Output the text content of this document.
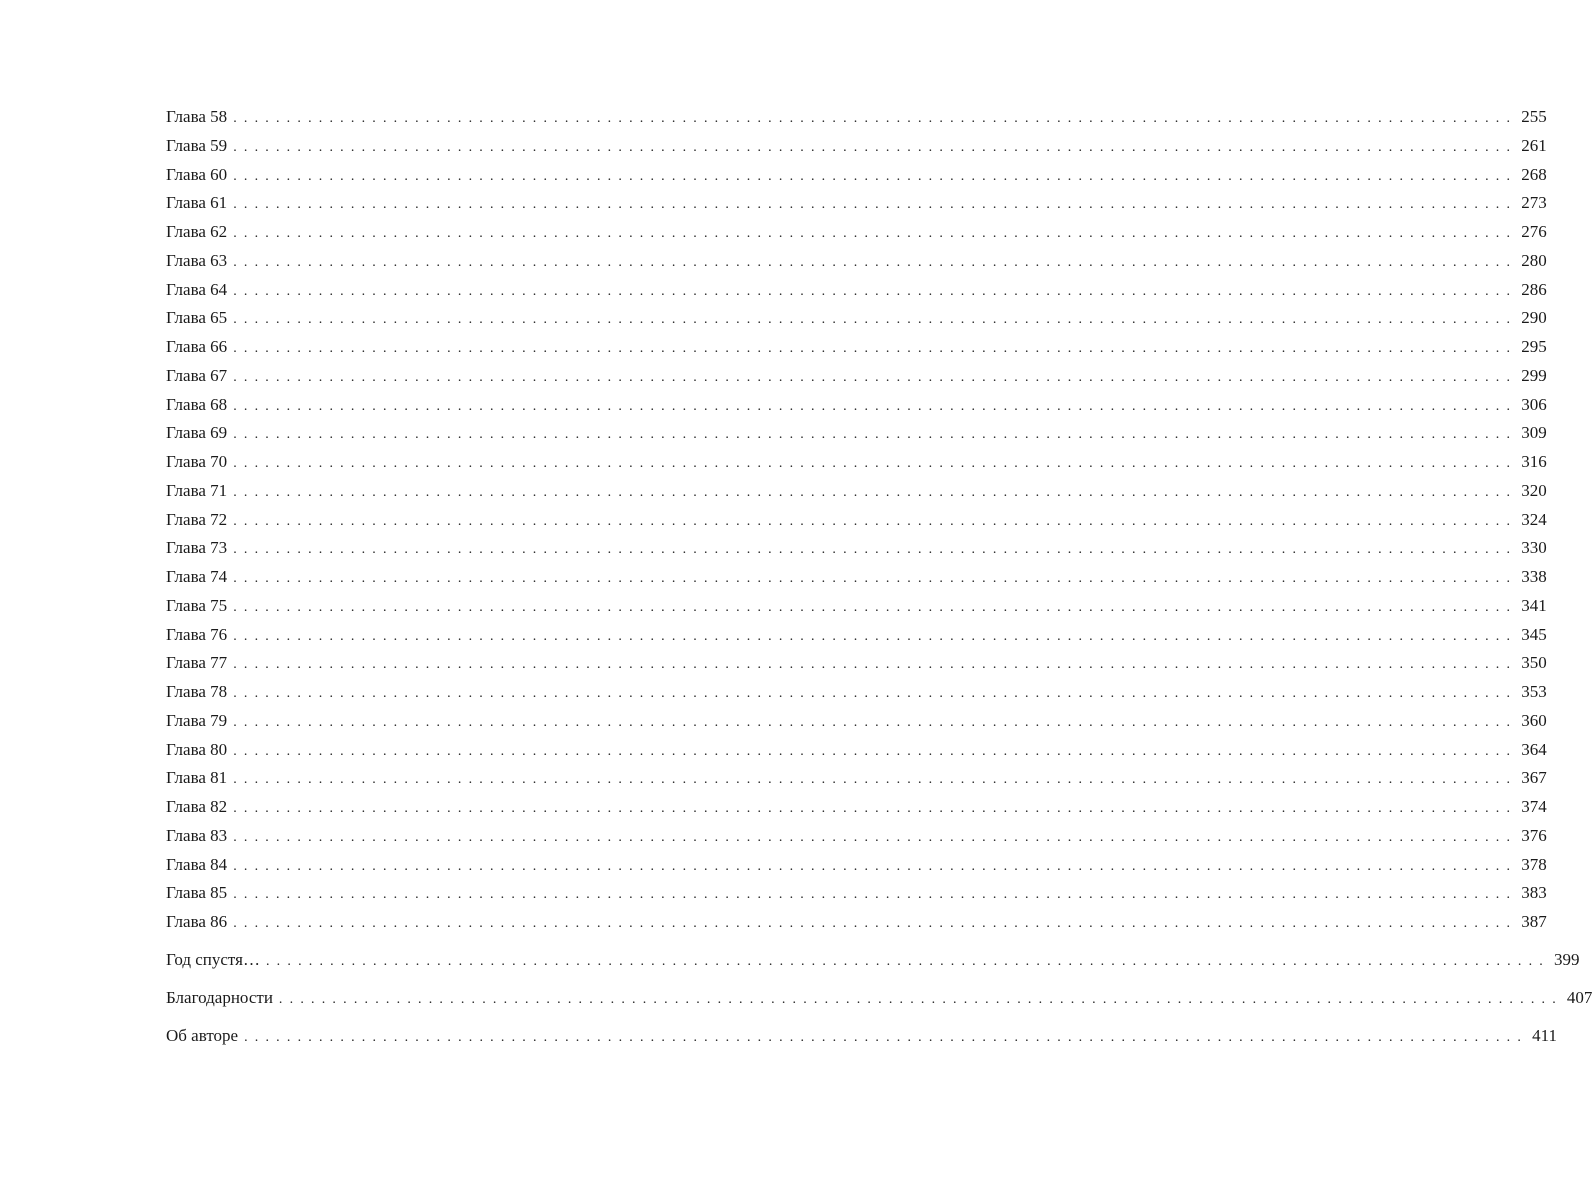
Глава 58 ........................................................................................................................ 255
Глава 59 ........................................................................................................................ 261
Глава 60 ........................................................................................................................ 268
Глава 61 ........................................................................................................................ 273
Глава 62 ........................................................................................................................ 276
Глава 63 ........................................................................................................................ 280
Глава 64 ........................................................................................................................ 286
Глава 65 ........................................................................................................................ 290
Глава 66 ........................................................................................................................ 295
Глава 67 ........................................................................................................................ 299
Глава 68 ........................................................................................................................ 306
Глава 69 ........................................................................................................................ 309
Глава 70 ........................................................................................................................ 316
Глава 71 ........................................................................................................................ 320
Глава 72 ........................................................................................................................ 324
Глава 73 ........................................................................................................................ 330
Глава 74 ........................................................................................................................ 338
Глава 75 ........................................................................................................................ 341
Глава 76 ........................................................................................................................ 345
Глава 77 ........................................................................................................................ 350
Глава 78 ........................................................................................................................ 353
Глава 79 ........................................................................................................................ 360
Глава 80 ........................................................................................................................ 364
Глава 81 ........................................................................................................................ 367
Глава 82 ........................................................................................................................ 374
Глава 83 ........................................................................................................................ 376
Глава 84 ........................................................................................................................ 378
Глава 85 ........................................................................................................................ 383
Глава 86 ........................................................................................................................ 387
Год спустя… ........................................................................................................................ 399
Благодарности ........................................................................................................................ 407
Об авторе ........................................................................................................................ 411
